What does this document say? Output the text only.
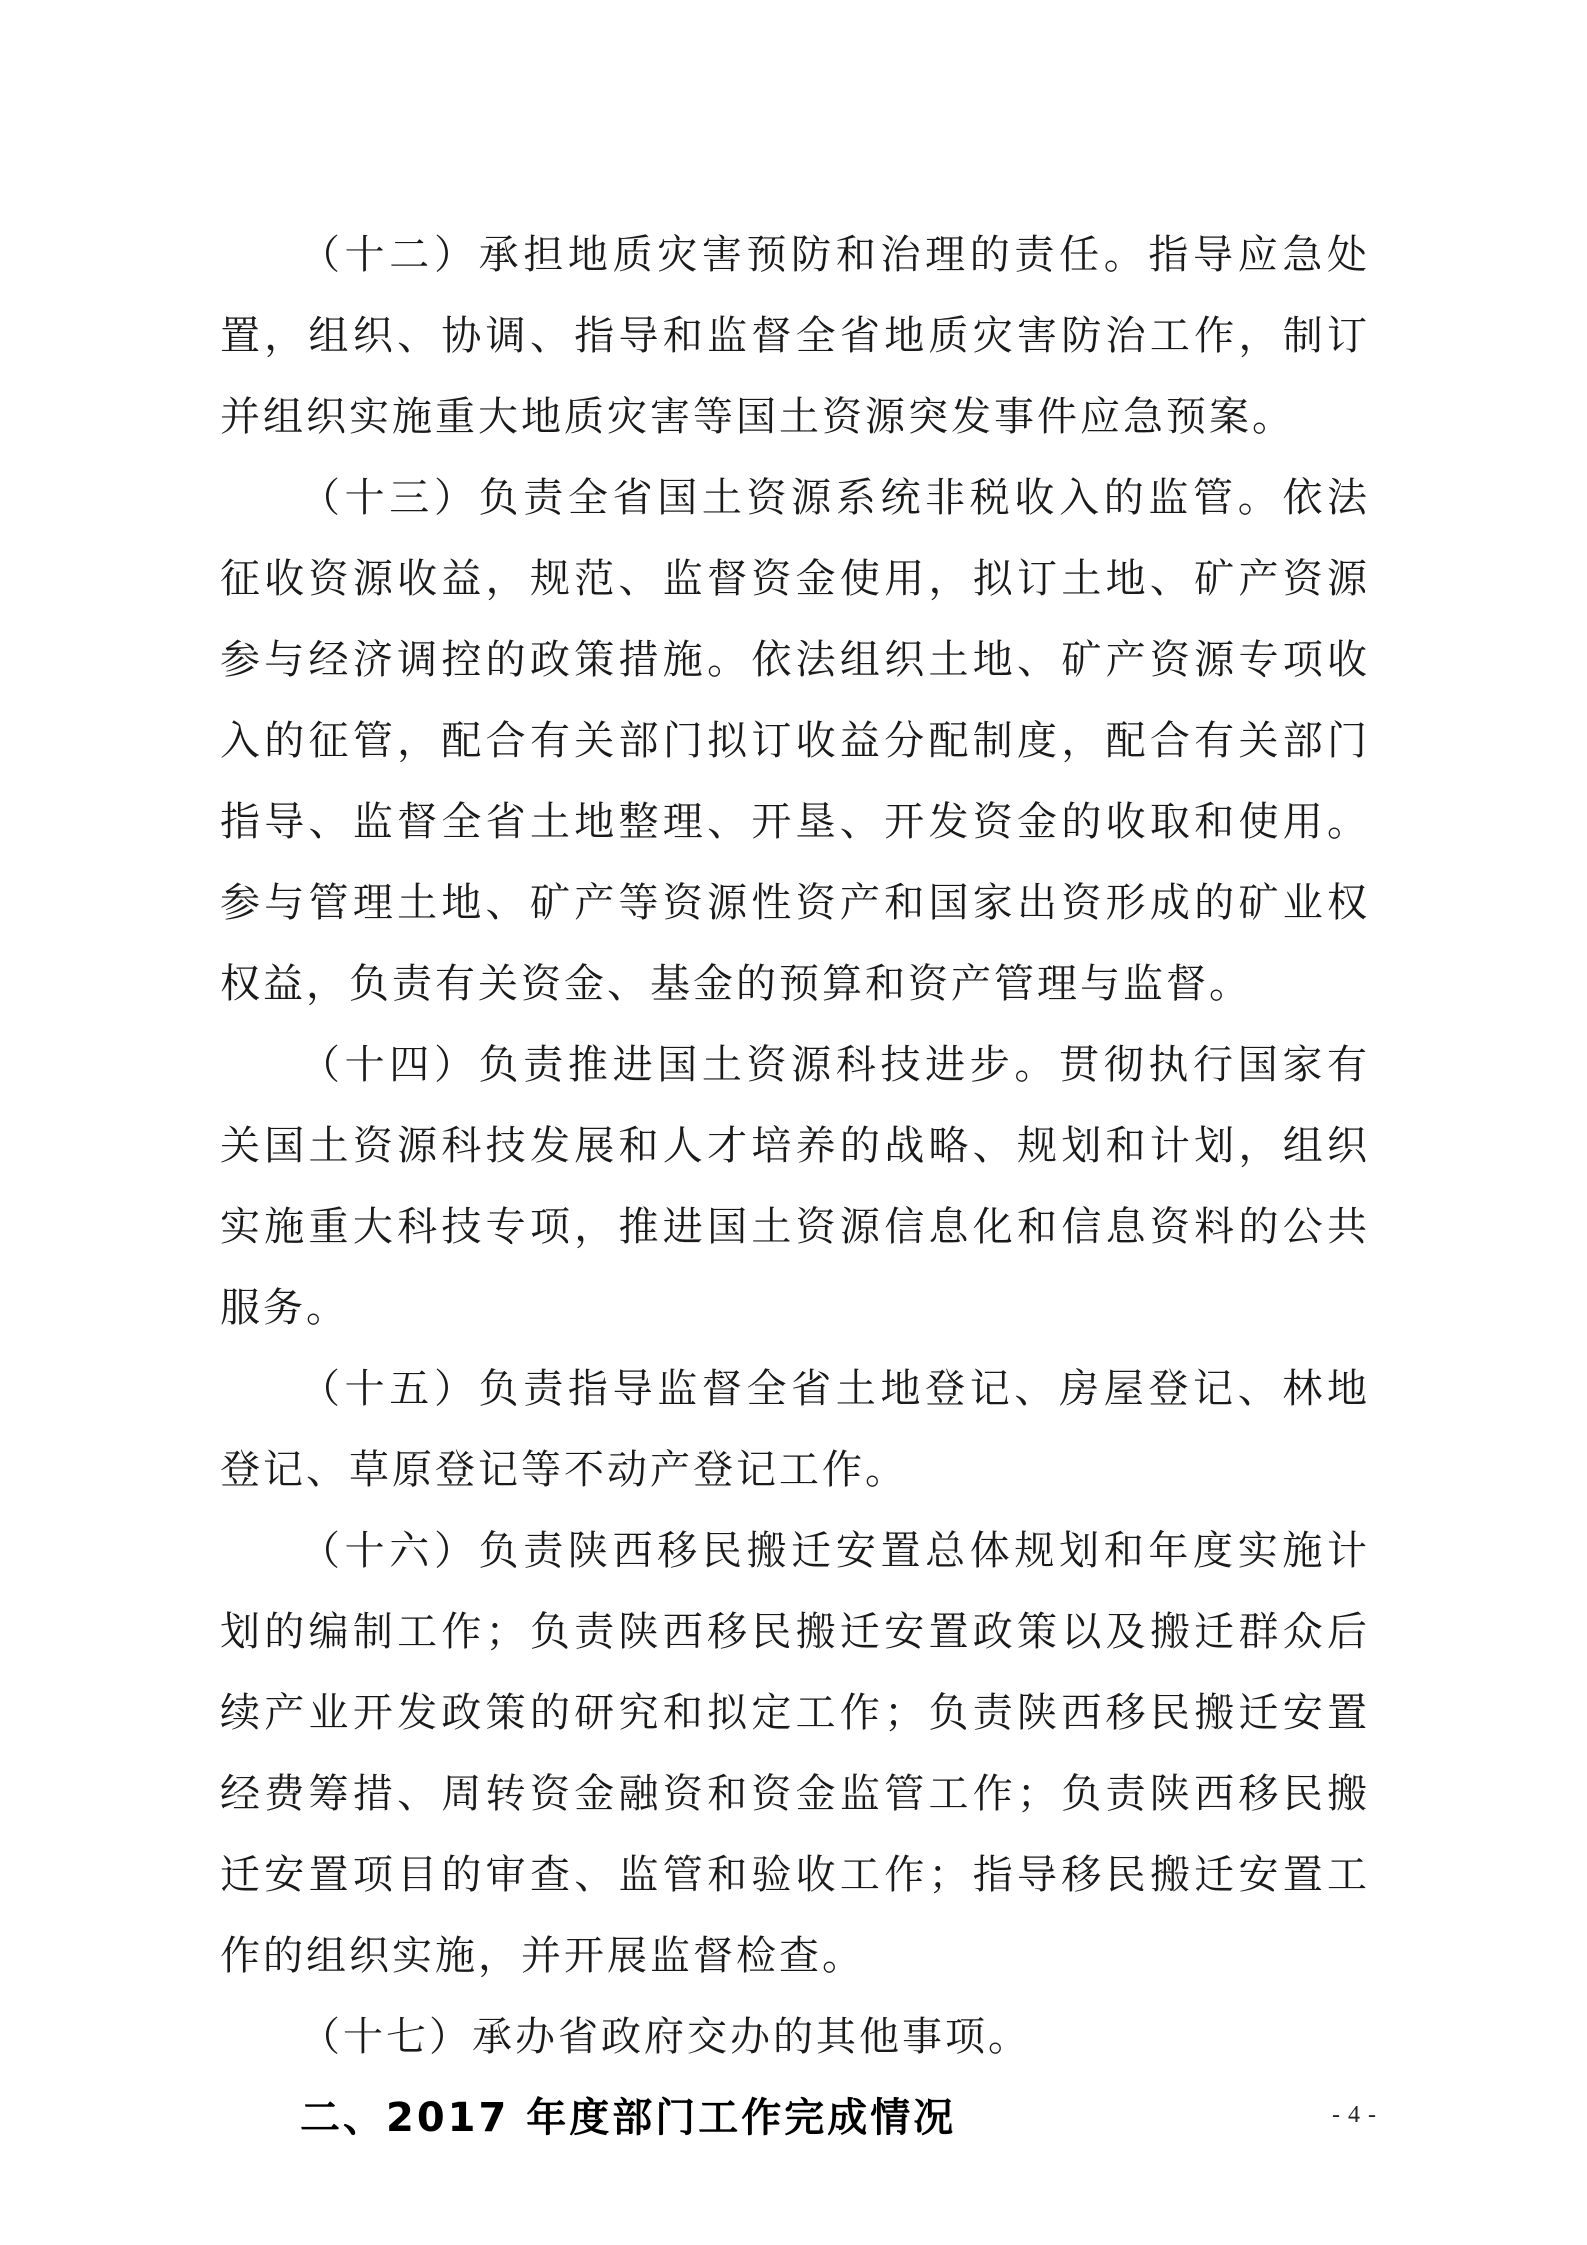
（十二）承担地质灾害预防和治理的责任。指导应急处置，组织、协调、指导和监督全省地质灾害防治工作，制订并组织实施重大地质灾害等国土资源突发事件应急预案。

（十三）负责全省国土资源系统非税收入的监管。依法征收资源收益，规范、监督资金使用，拟订土地、矿产资源参与经济调控的政策措施。依法组织土地、矿产资源专项收入的征管，配合有关部门拟订收益分配制度，配合有关部门指导、监督全省土地整理、开垦、开发资金的收取和使用。参与管理土地、矿产等资源性资产和国家出资形成的矿业权权益，负责有关资金、基金的预算和资产管理与监督。

（十四）负责推进国土资源科技进步。贯彻执行国家有关国土资源科技发展和人才培养的战略、规划和计划，组织实施重大科技专项，推进国土资源信息化和信息资料的公共服务。

（十五）负责指导监督全省土地登记、房屋登记、林地登记、草原登记等不动产登记工作。

（十六）负责陕西移民搬迁安置总体规划和年度实施计划的编制工作；负责陕西移民搬迁安置政策以及搬迁群众后续产业开发政策的研究和拟定工作；负责陕西移民搬迁安置经费筹措、周转资金融资和资金监管工作；负责陕西移民搬迁安置项目的审查、监管和验收工作；指导移民搬迁安置工作的组织实施，并开展监督检查。

（十七）承办省政府交办的其他事项。

二、2017 年度部门工作完成情况	- 4 -
